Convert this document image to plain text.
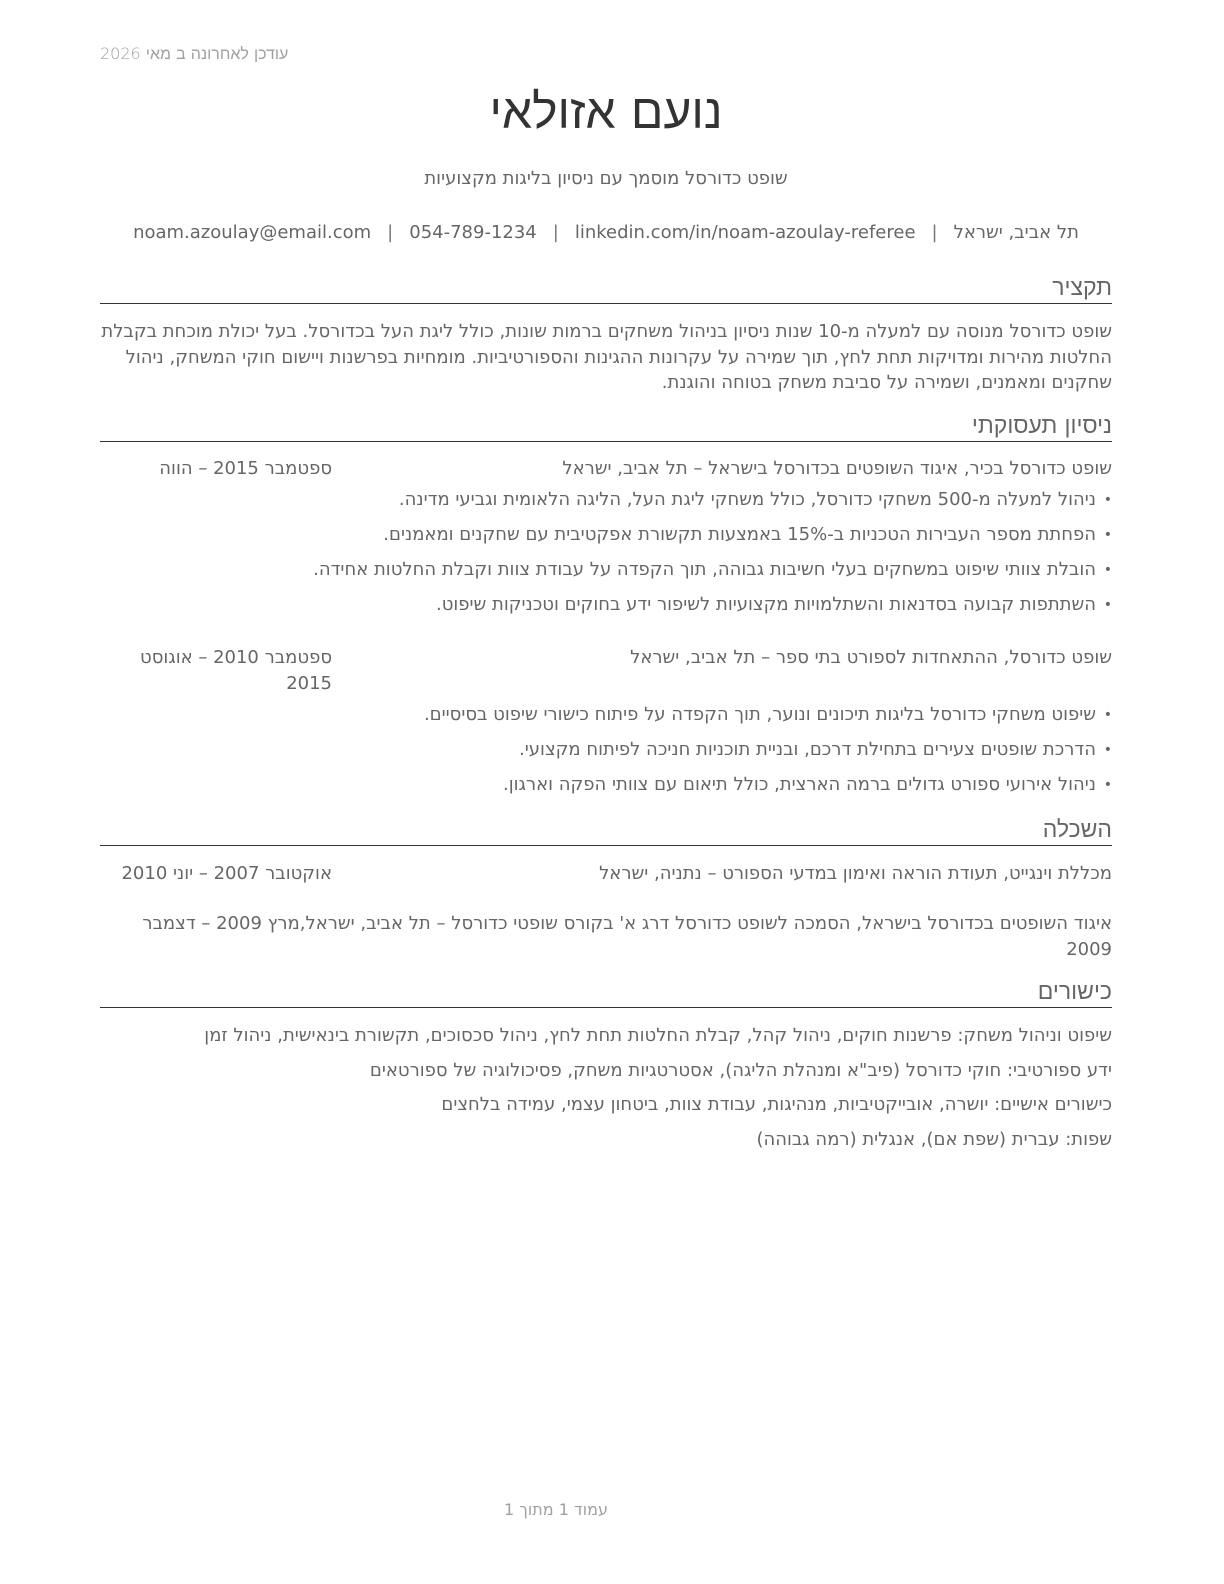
עודכן לאחרונה ב מאי 2026
נועם אזולאי
שופט כדורסל מוסמך עם ניסיון בליגות מקצועיות
תל אביב, ישראל|noam.azoulay@email.com | 054-789-1234 | linkedin.com/in/noam-azoulay-referee
תקציר
שופט כדורסל מנוסה עם למעלה מ-10 שנות ניסיון בניהול משחקים ברמות שונות, כולל ליגת העל בכדורסל. בעל יכולת מוכחת בקבלת החלטות מהירות ומדויקות תחת לחץ, תוך שמירה על עקרונות ההגינות והספורטיביות. מומחיות בפרשנות ויישום חוקי המשחק, ניהול שחקנים ומאמנים, ושמירה על סביבת משחק בטוחה והוגנת.
ניסיון תעסוקתי
שופט כדורסל בכיר, איגוד השופטים בכדורסל בישראל – תל אביב, ישראל
ספטמבר 2015 – הווה
•
ניהול למעלה מ-500 משחקי כדורסל, כולל משחקי ליגת העל, הליגה הלאומית וגביעי מדינה.
•
הפחתת מספר העבירות הטכניות ב-15% באמצעות תקשורת אפקטיבית עם שחקנים ומאמנים.
•
הובלת צוותי שיפוט במשחקים בעלי חשיבות גבוהה, תוך הקפדה על עבודת צוות וקבלת החלטות אחידה.
•
השתתפות קבועה בסדנאות והשתלמויות מקצועיות לשיפור ידע בחוקים וטכניקות שיפוט.
שופט כדורסל, ההתאחדות לספורט בתי ספר – תל אביב, ישראל
ספטמבר 2010 – אוגוסט 2015
•
שיפוט משחקי כדורסל בליגות תיכונים ונוער, תוך הקפדה על פיתוח כישורי שיפוט בסיסיים.
•
הדרכת שופטים צעירים בתחילת דרכם, ובניית תוכניות חניכה לפיתוח מקצועי.
•
ניהול אירועי ספורט גדולים ברמה הארצית, כולל תיאום עם צוותי הפקה וארגון.
השכלה
מכללת וינגייט, תעודת הוראה ואימון במדעי הספורט – נתניה, ישראל
אוקטובר 2007 – יוני 2010
איגוד השופטים בכדורסל בישראל, הסמכה לשופט כדורסל דרג א' בקורס שופטי כדורסל – תל אביב, ישראל,מרץ 2009 – דצמבר 2009
כישורים
שיפוט וניהול משחק: פרשנות חוקים, ניהול קהל, קבלת החלטות תחת לחץ, ניהול סכסוכים, תקשורת בינאישית, ניהול זמן
ידע ספורטיבי: חוקי כדורסל (פיב"א ומנהלת הליגה), אסטרטגיות משחק, פסיכולוגיה של ספורטאים
כישורים אישיים: יושרה, אובייקטיביות, מנהיגות, עבודת צוות, ביטחון עצמי, עמידה בלחצים
שפות: עברית (שפת אם), אנגלית (רמה גבוהה)
עמוד 1 מתוך 1
